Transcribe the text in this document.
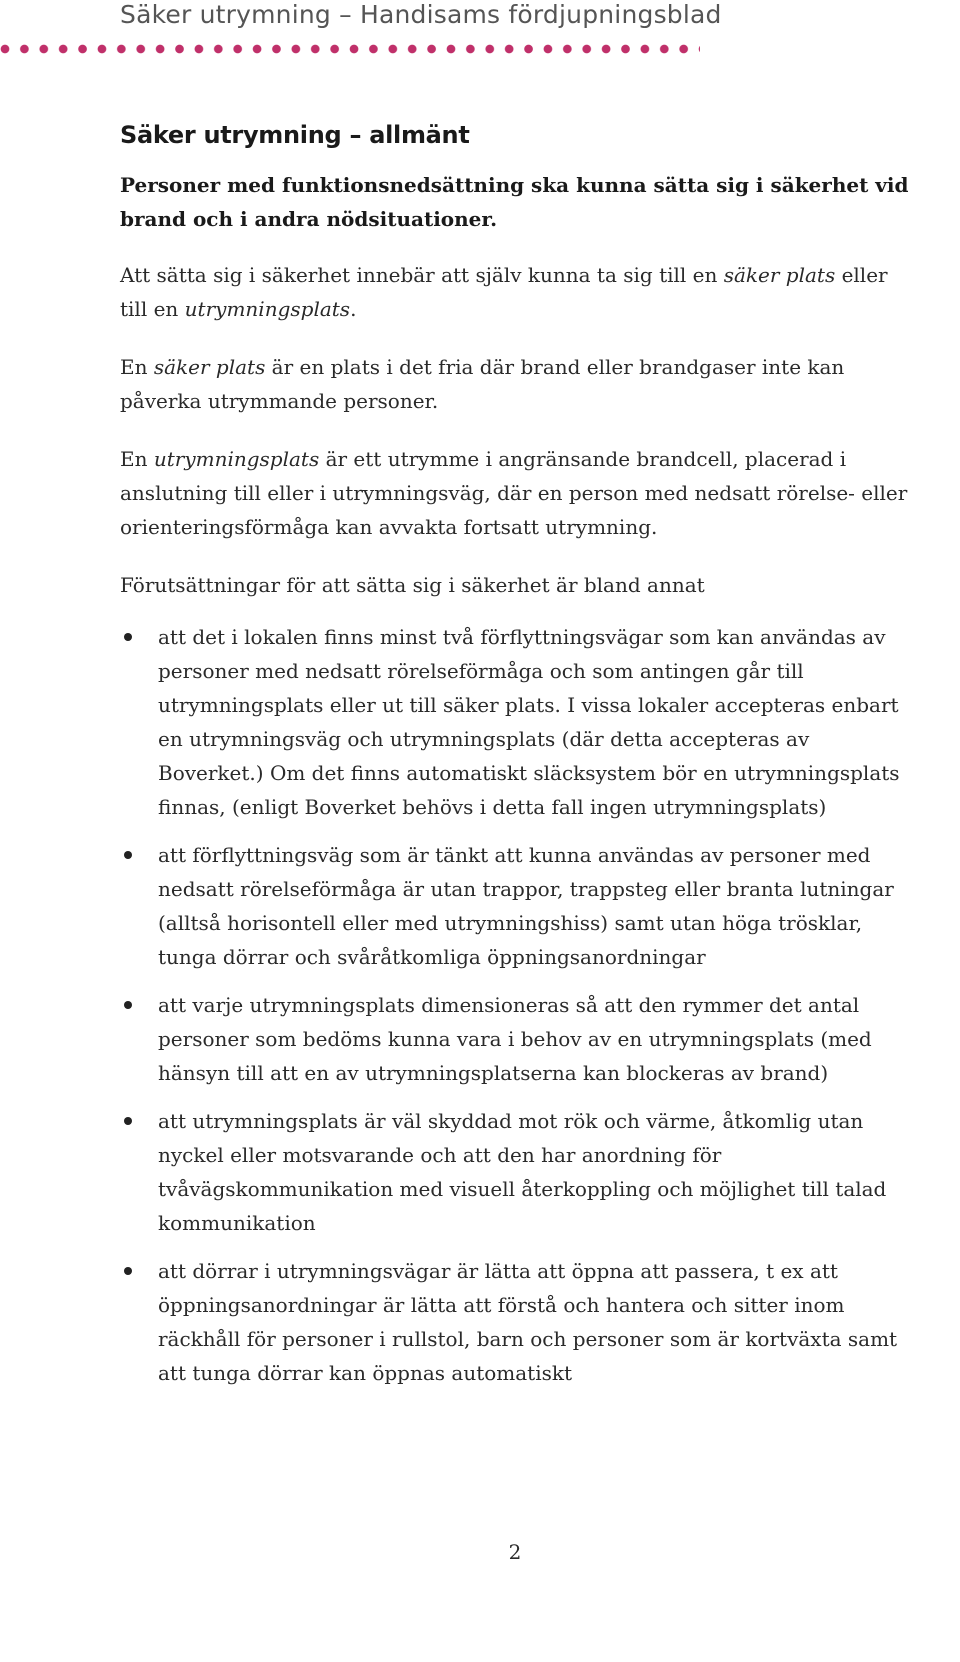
Säker utrymning – Handisams fördjupningsblad
Säker utrymning – allmänt

Personer med funktionsnedsättning ska kunna sätta sig i säkerhet vid brand och i andra nödsituationer.

Att sätta sig i säkerhet innebär att själv kunna ta sig till en säker plats eller till en utrymningsplats.

En säker plats är en plats i det fria där brand eller brandgaser inte kan påverka utrymmande personer.

En utrymningsplats är ett utrymme i angränsande brandcell, placerad i anslutning till eller i utrymningsväg, där en person med nedsatt rörelse- eller orienteringsförmåga kan avvakta fortsatt utrymning.

Förutsättningar för att sätta sig i säkerhet är bland annat

att det i lokalen finns minst två förflyttningsvägar som kan användas av personer med nedsatt rörelseförmåga och som antingen går till utrymningsplats eller ut till säker plats. I vissa lokaler accepteras enbart en utrymningsväg och utrymningsplats (där detta accepteras av Boverket.) Om det finns automatiskt släcksystem bör en utrymningsplats finnas, (enligt Boverket behövs i detta fall ingen utrymningsplats)
att förflyttningsväg som är tänkt att kunna användas av personer med nedsatt rörelseförmåga är utan trappor, trappsteg eller branta lutningar (alltså horisontell eller med utrymningshiss) samt utan höga trösklar, tunga dörrar och svåråtkomliga öppningsanordningar
att varje utrymningsplats dimensioneras så att den rymmer det antal personer som bedöms kunna vara i behov av en utrymningsplats (med hänsyn till att en av utrymningsplatserna kan blockeras av brand)
att utrymningsplats är väl skyddad mot rök och värme, åtkomlig utan nyckel eller motsvarande och att den har anordning för tvåvägskommunikation med visuell återkoppling och möjlighet till talad kommunikation
att dörrar i utrymningsvägar är lätta att öppna att passera, t ex att öppningsanordningar är lätta att förstå och hantera och sitter inom räckhåll för personer i rullstol, barn och personer som är kortväxta samt att tunga dörrar kan öppnas automatiskt
2
